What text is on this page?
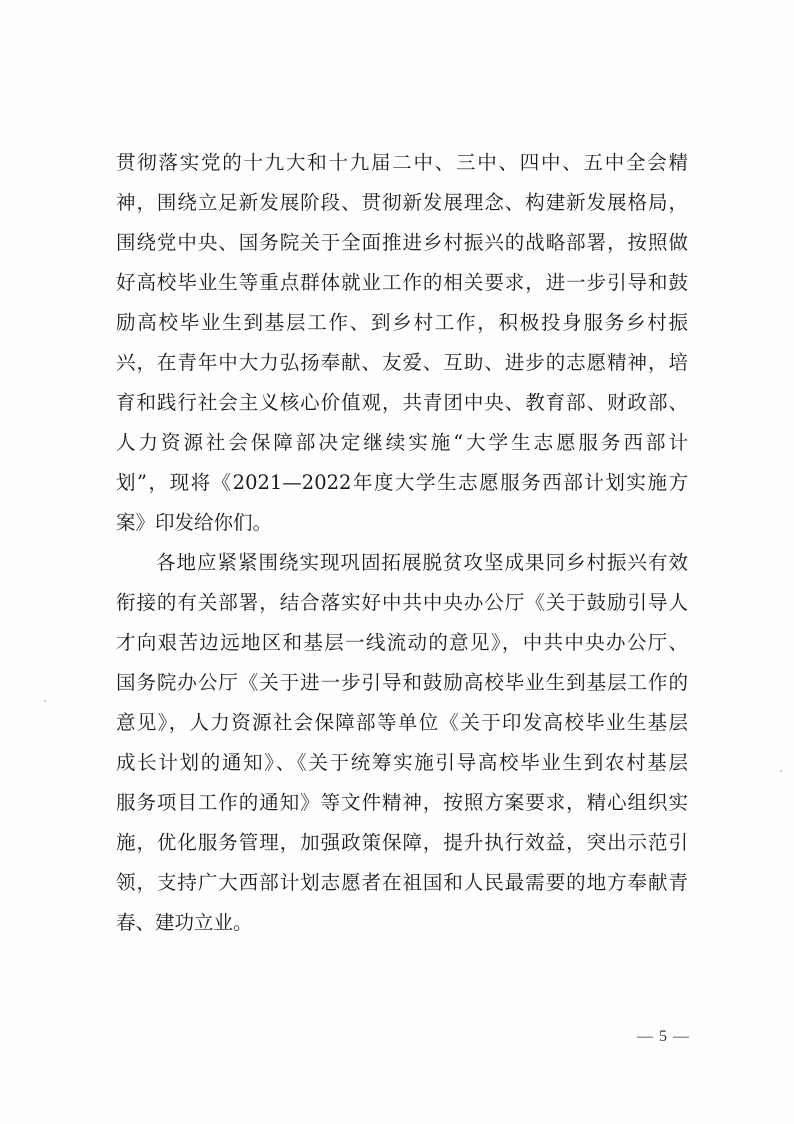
贯彻落实党的十九大和十九届二中、三中、四中、五中全会精
神，围绕立足新发展阶段、贯彻新发展理念、构建新发展格局，
围绕党中央、国务院关于全面推进乡村振兴的战略部署，按照做
好高校毕业生等重点群体就业工作的相关要求，进一步引导和鼓
励高校毕业生到基层工作、到乡村工作，积极投身服务乡村振
兴，在青年中大力弘扬奉献、友爱、互助、进步的志愿精神，培
育和践行社会主义核心价值观，共青团中央、教育部、财政部、
人力资源社会保障部决定继续实施“大学生志愿服务西部计
划”，现将《2021—2022年度大学生志愿服务西部计划实施方
案》印发给你们。
各地应紧紧围绕实现巩固拓展脱贫攻坚成果同乡村振兴有效
衔接的有关部署，结合落实好中共中央办公厅《关于鼓励引导人
才向艰苦边远地区和基层一线流动的意见》，中共中央办公厅、
国务院办公厅《关于进一步引导和鼓励高校毕业生到基层工作的
意见》，人力资源社会保障部等单位《关于印发高校毕业生基层
成长计划的通知》、《关于统筹实施引导高校毕业生到农村基层
服务项目工作的通知》等文件精神，按照方案要求，精心组织实
施，优化服务管理，加强政策保障，提升执行效益，突出示范引
领，支持广大西部计划志愿者在祖国和人民最需要的地方奉献青
春、建功立业。
— 5 —
